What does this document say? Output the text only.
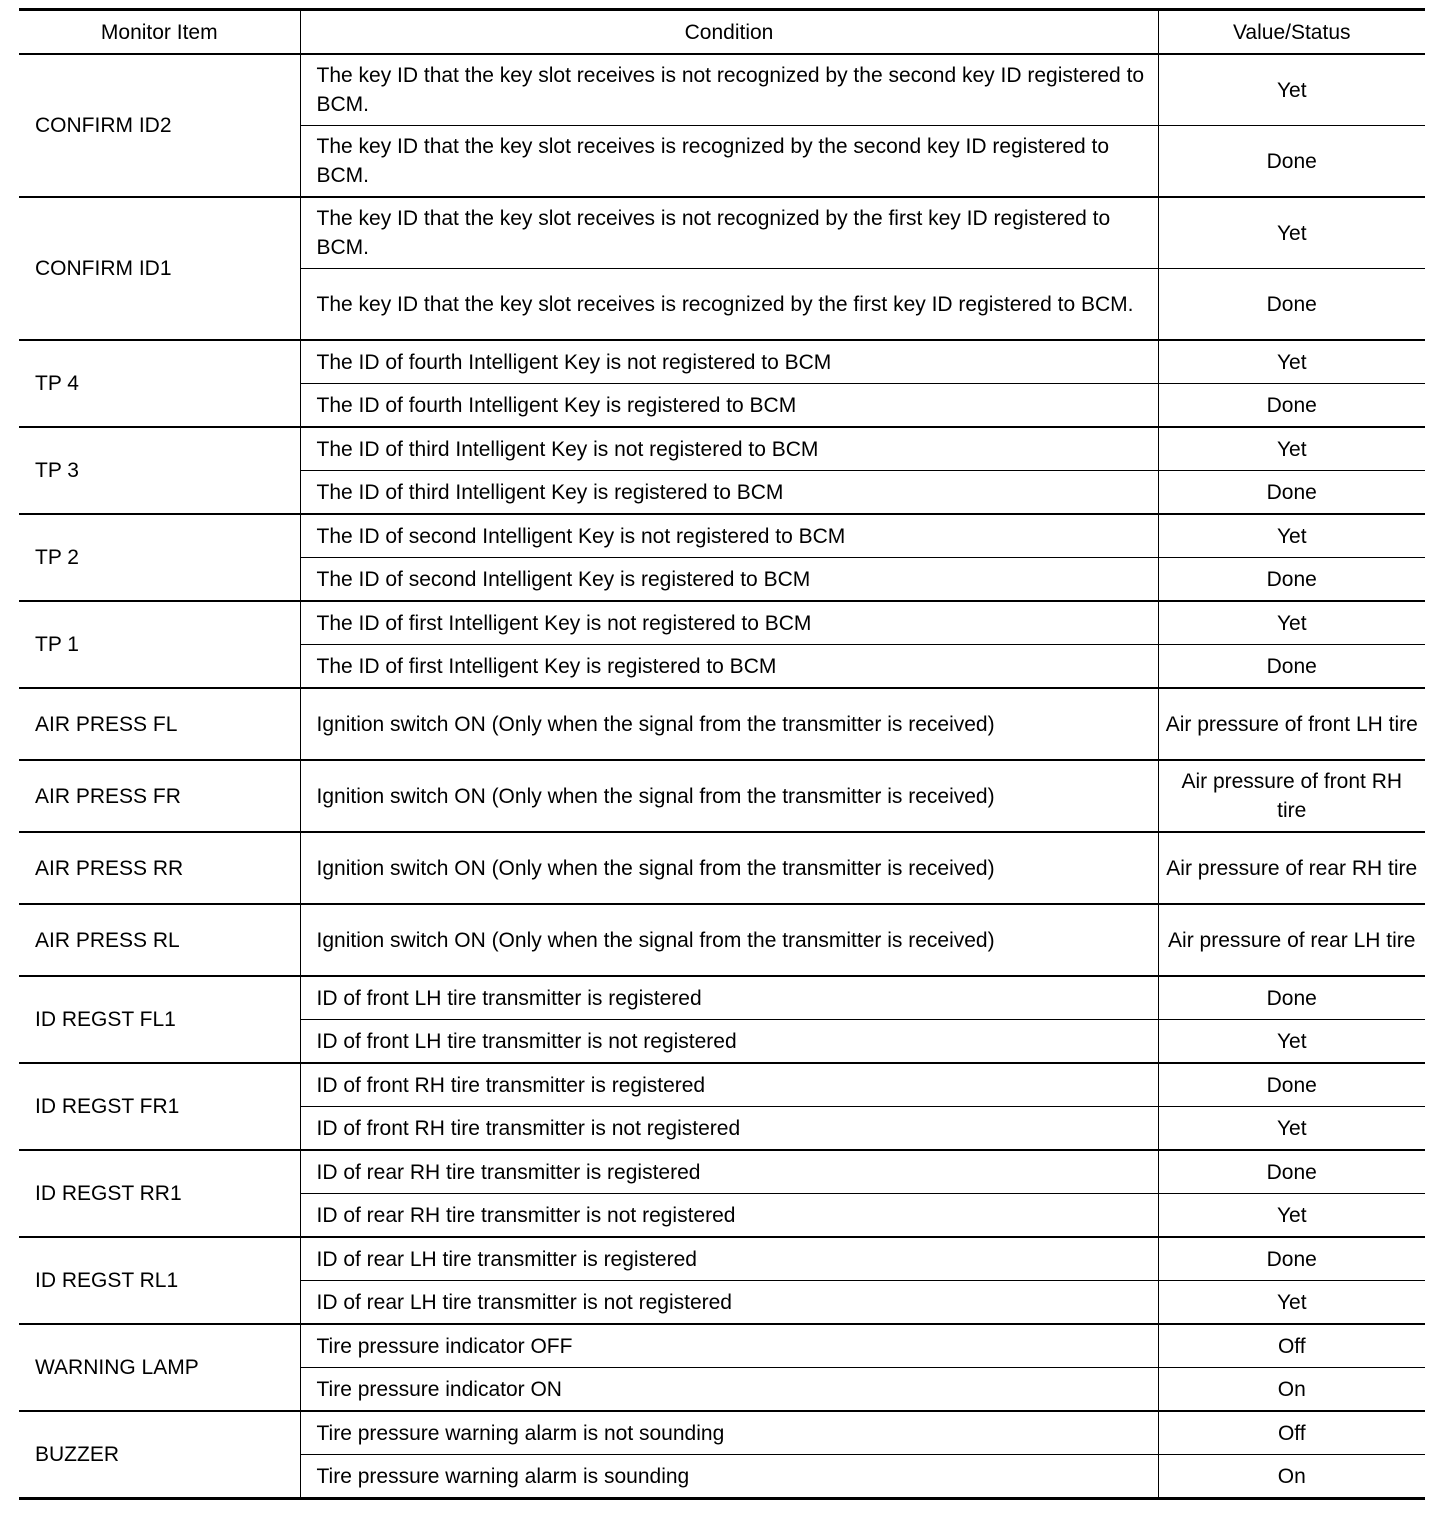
Monitor Item	Condition	Value/Status
CONFIRM ID2	The key ID that the key slot receives is not recognized by the second key ID registered to BCM.	Yet
	The key ID that the key slot receives is recognized by the second key ID registered to BCM.	Done
CONFIRM ID1	The key ID that the key slot receives is not recognized by the first key ID registered to BCM.	Yet
	The key ID that the key slot receives is recognized by the first key ID registered to BCM.	Done
TP 4	The ID of fourth Intelligent Key is not registered to BCM	Yet
	The ID of fourth Intelligent Key is registered to BCM	Done
TP 3	The ID of third Intelligent Key is not registered to BCM	Yet
	The ID of third Intelligent Key is registered to BCM	Done
TP 2	The ID of second Intelligent Key is not registered to BCM	Yet
	The ID of second Intelligent Key is registered to BCM	Done
TP 1	The ID of first Intelligent Key is not registered to BCM	Yet
	The ID of first Intelligent Key is registered to BCM	Done
AIR PRESS FL	Ignition switch ON (Only when the signal from the transmitter is received)	Air pressure of front LH tire
AIR PRESS FR	Ignition switch ON (Only when the signal from the transmitter is received)	Air pressure of front RH tire
AIR PRESS RR	Ignition switch ON (Only when the signal from the transmitter is received)	Air pressure of rear RH tire
AIR PRESS RL	Ignition switch ON (Only when the signal from the transmitter is received)	Air pressure of rear LH tire
ID REGST FL1	ID of front LH tire transmitter is registered	Done
	ID of front LH tire transmitter is not registered	Yet
ID REGST FR1	ID of front RH tire transmitter is registered	Done
	ID of front RH tire transmitter is not registered	Yet
ID REGST RR1	ID of rear RH tire transmitter is registered	Done
	ID of rear RH tire transmitter is not registered	Yet
ID REGST RL1	ID of rear LH tire transmitter is registered	Done
	ID of rear LH tire transmitter is not registered	Yet
WARNING LAMP	Tire pressure indicator OFF	Off
	Tire pressure indicator ON	On
BUZZER	Tire pressure warning alarm is not sounding	Off
	Tire pressure warning alarm is sounding	On
